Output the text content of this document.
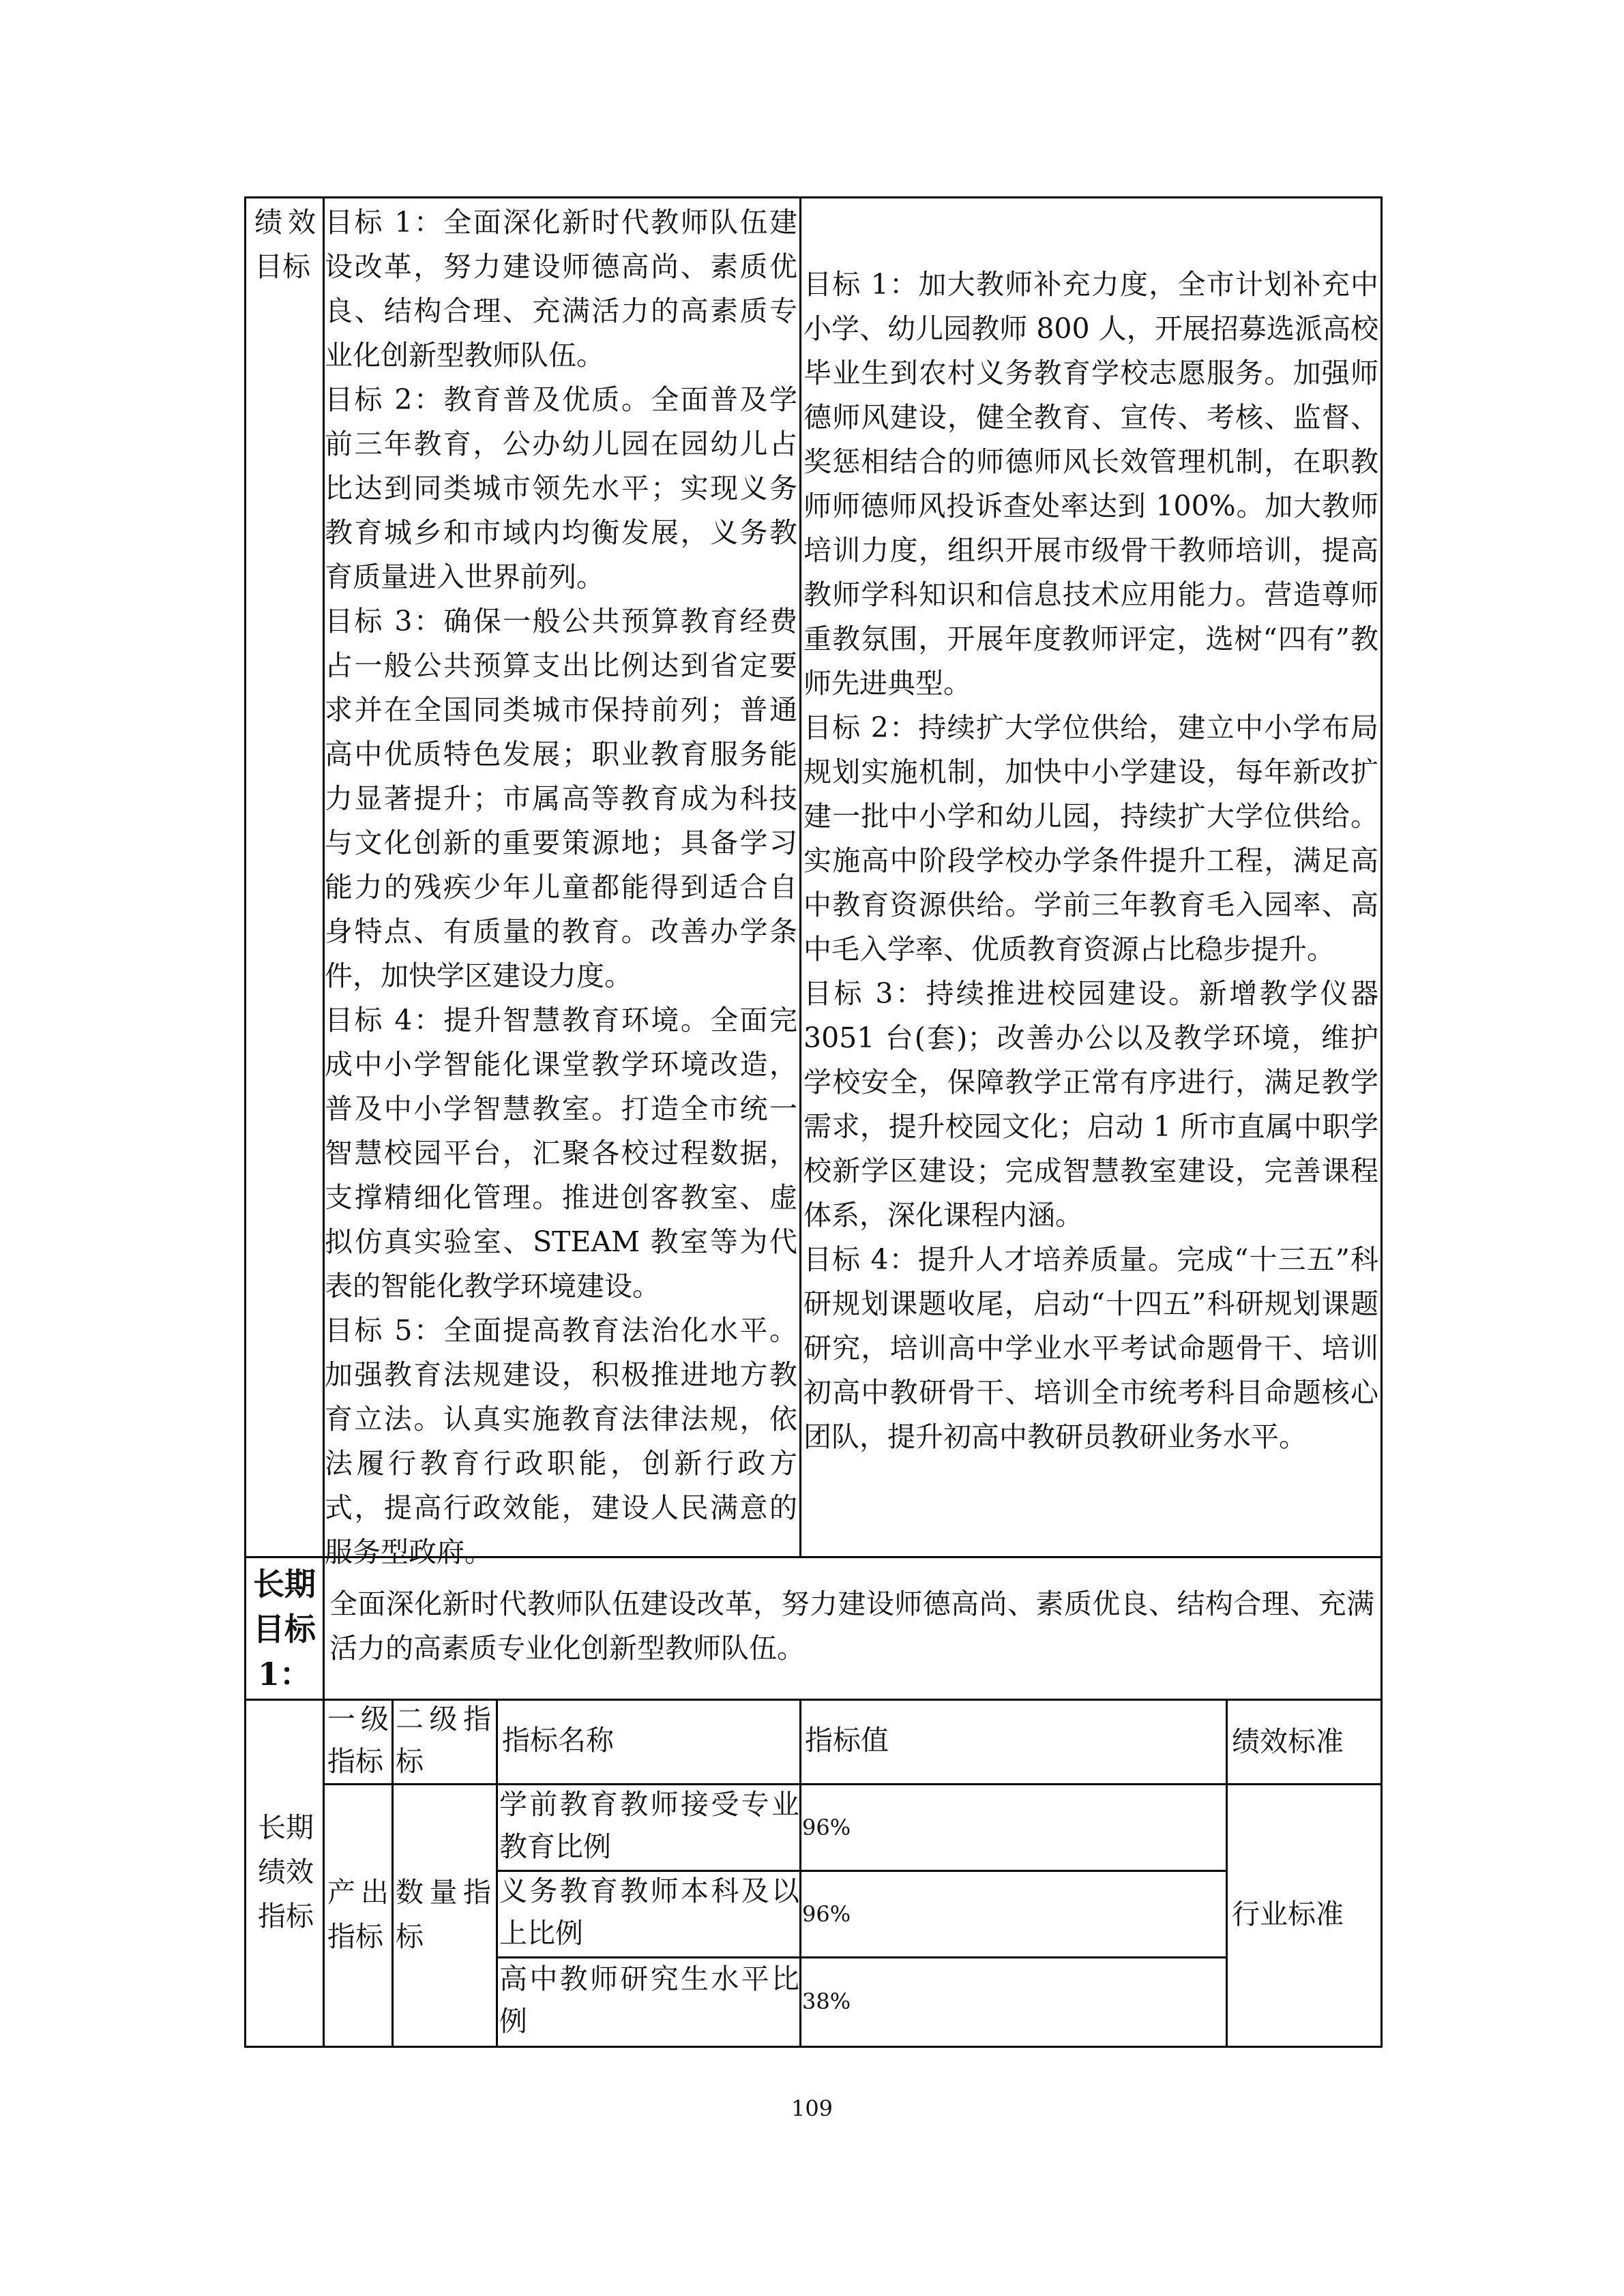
绩效目标

目标 1：全面深化新时代教师队伍建设改革，努力建设师德高尚、素质优良、结构合理、充满活力的高素质专业化创新型教师队伍。

目标 2：教育普及优质。全面普及学前三年教育，公办幼儿园在园幼儿占比达到同类城市领先水平；实现义务教育城乡和市域内均衡发展，义务教育质量进入世界前列。

目标 3：确保一般公共预算教育经费占一般公共预算支出比例达到省定要求并在全国同类城市保持前列；普通高中优质特色发展；职业教育服务能力显著提升；市属高等教育成为科技与文化创新的重要策源地；具备学习能力的残疾少年儿童都能得到适合自身特点、有质量的教育。改善办学条件，加快学区建设力度。

目标 4：提升智慧教育环境。全面完成中小学智能化课堂教学环境改造，普及中小学智慧教室。打造全市统一智慧校园平台，汇聚各校过程数据，支撑精细化管理。推进创客教室、虚拟仿真实验室、STEAM 教室等为代表的智能化教学环境建设。

目标 5：全面提高教育法治化水平。加强教育法规建设，积极推进地方教育立法。认真实施教育法律法规，依法履行教育行政职能，创新行政方式，提高行政效能，建设人民满意的服务型政府。

目标 1：加大教师补充力度，全市计划补充中小学、幼儿园教师 800 人，开展招募选派高校毕业生到农村义务教育学校志愿服务。加强师德师风建设，健全教育、宣传、考核、监督、奖惩相结合的师德师风长效管理机制，在职教师师德师风投诉查处率达到 100%。加大教师培训力度，组织开展市级骨干教师培训，提高教师学科知识和信息技术应用能力。营造尊师重教氛围，开展年度教师评定，选树“四有”教师先进典型。

目标 2：持续扩大学位供给，建立中小学布局规划实施机制，加快中小学建设，每年新改扩建一批中小学和幼儿园，持续扩大学位供给。实施高中阶段学校办学条件提升工程，满足高中教育资源供给。学前三年教育毛入园率、高中毛入学率、优质教育资源占比稳步提升。

目标 3：持续推进校园建设。新增教学仪器 3051 台(套)；改善办公以及教学环境，维护学校安全，保障教学正常有序进行，满足教学需求，提升校园文化；启动 1 所市直属中职学校新学区建设；完成智慧教室建设，完善课程体系，深化课程内涵。

目标 4：提升人才培养质量。完成“十三五”科研规划课题收尾，启动“十四五”科研规划课题研究，培训高中学业水平考试命题骨干、培训初高中教研骨干、培训全市统考科目命题核心团队，提升初高中教研员教研业务水平。

长期目标 1：
全面深化新时代教师队伍建设改革，努力建设师德高尚、素质优良、结构合理、充满活力的高素质专业化创新型教师队伍。
长期绩效指标
一级指标
二级指标
指标名称	指标值	绩效标准
产出指标
数量指标
行业标准
学前教育教师接受专业教育比例
96%
义务教育教师本科及以上比例
96%
高中教师研究生水平比例
38%
109
